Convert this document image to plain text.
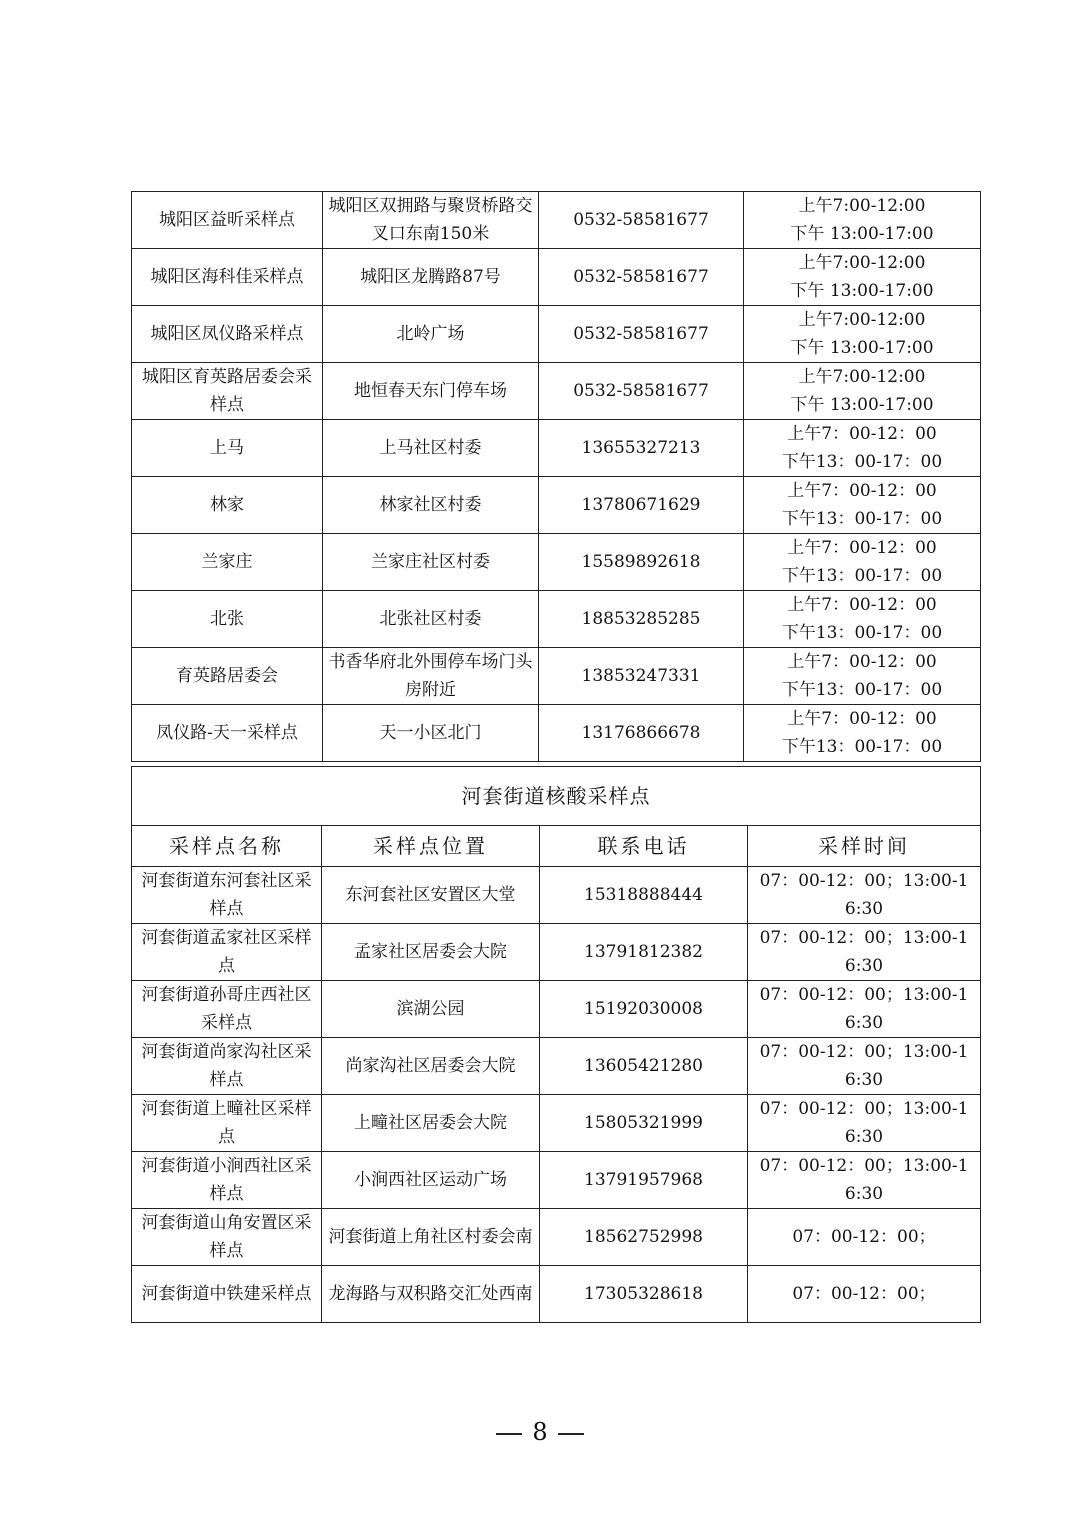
城阳区益昕采样点	城阳区双拥路与聚贤桥路交叉口东南150米	0532-58581677	上午7:00-12:00
下午 13:00-17:00

城阳区海科佳采样点	城阳区龙腾路87号	0532-58581677	上午7:00-12:00
下午 13:00-17:00

城阳区凤仪路采样点	北岭广场	0532-58581677	上午7:00-12:00
下午 13:00-17:00

城阳区育英路居委会采样点	地恒春天东门停车场	0532-58581677	上午7:00-12:00
下午 13:00-17:00

上马	上马社区村委	13655327213	上午7：00-12：00
下午13：00-17：00

林家	林家社区村委	13780671629	上午7：00-12：00
下午13：00-17：00

兰家庄	兰家庄社区村委	15589892618	上午7：00-12：00
下午13：00-17：00

北张	北张社区村委	18853285285	上午7：00-12：00
下午13：00-17：00

育英路居委会	书香华府北外围停车场门头房附近	13853247331	上午7：00-12：00
下午13：00-17：00

凤仪路-天一采样点	天一小区北门	13176866678	上午7：00-12：00
下午13：00-17：00
河套街道核酸采样点			
采样点名称	采样点位置	联系电话	采样时间
河套街道东河套社区采样点	东河套社区安置区大堂	15318888444	07：00-12：00；13:00-16:30
河套街道孟家社区采样点	孟家社区居委会大院	13791812382	07：00-12：00；13:00-16:30
河套街道孙哥庄西社区采样点	滨湖公园	15192030008	07：00-12：00；13:00-16:30
河套街道尚家沟社区采样点	尚家沟社区居委会大院	13605421280	07：00-12：00；13:00-16:30
河套街道上疃社区采样点	上疃社区居委会大院	15805321999	07：00-12：00；13:00-16:30
河套街道小涧西社区采样点	小涧西社区运动广场	13791957968	07：00-12：00；13:00-16:30
河套街道山角安置区采样点	河套街道上角社区村委会南	18562752998	07：00-12：00；
河套街道中铁建采样点	龙海路与双积路交汇处西南	17305328618	07：00-12：00；
8
